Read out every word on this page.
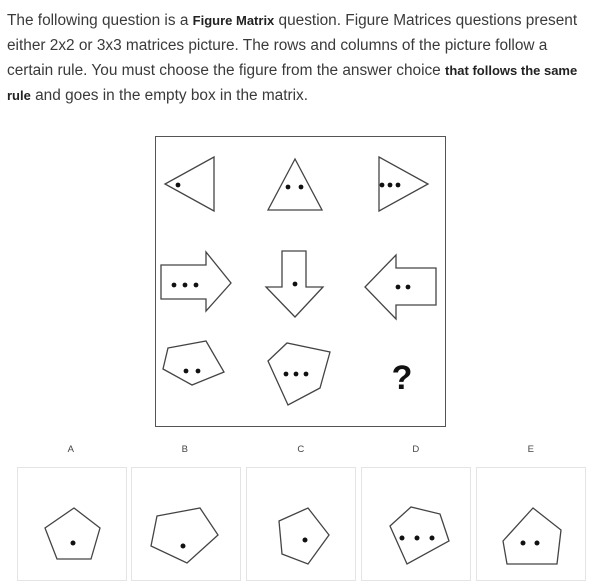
The following question is a Figure Matrix question. Figure Matrices questions present either 2x2 or 3x3 matrices picture. The rows and columns of the picture follow a certain rule. You must choose the figure from the answer choice that follows the same rule and goes in the empty box in the matrix.
?
A	B	C	D	E
